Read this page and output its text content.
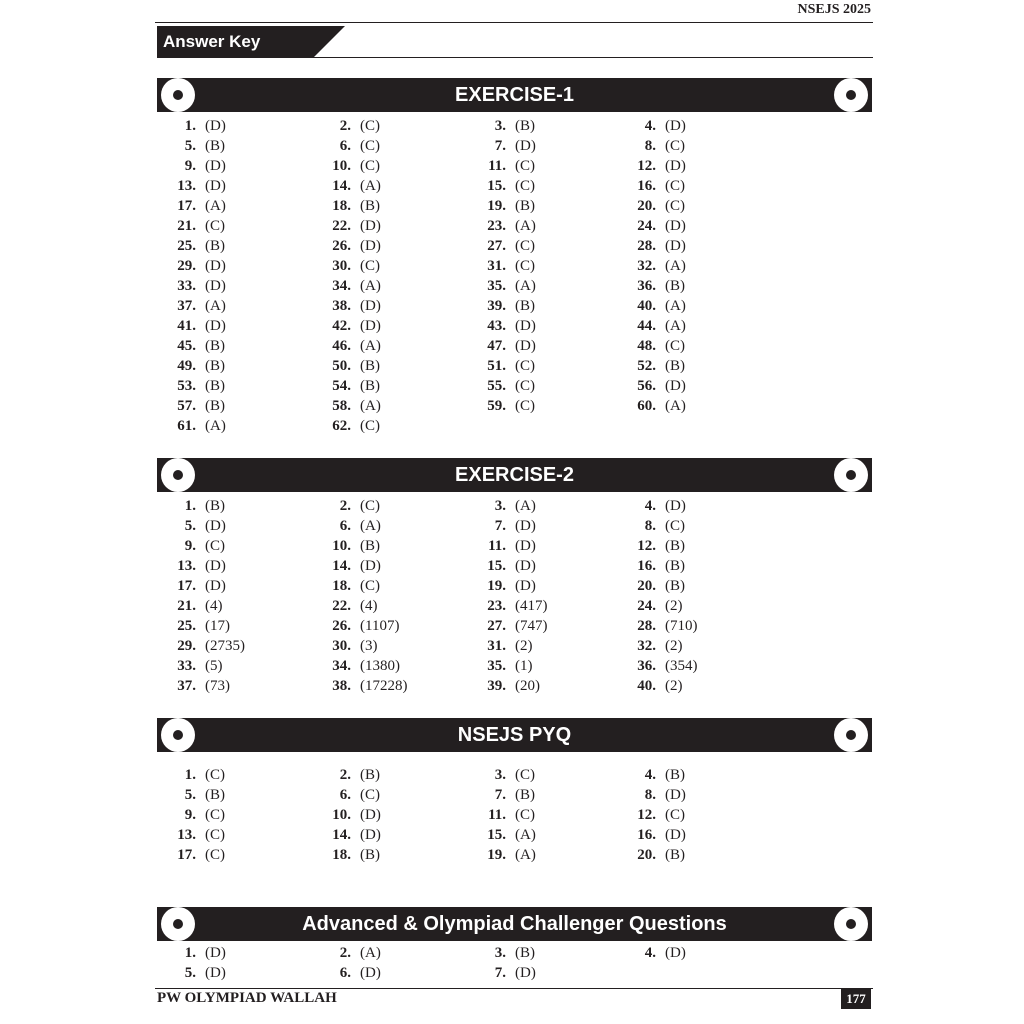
NSEJS 2025
Answer Key
EXERCISE-1
1. (D)	2. (C)	3. (B)	4. (D)
5. (B)	6. (C)	7. (D)	8. (C)
9. (D)	10. (C)	11. (C)	12. (D)
13. (D)	14. (A)	15. (C)	16. (C)
17. (A)	18. (B)	19. (B)	20. (C)
21. (C)	22. (D)	23. (A)	24. (D)
25. (B)	26. (D)	27. (C)	28. (D)
29. (D)	30. (C)	31. (C)	32. (A)
33. (D)	34. (A)	35. (A)	36. (B)
37. (A)	38. (D)	39. (B)	40. (A)
41. (D)	42. (D)	43. (D)	44. (A)
45. (B)	46. (A)	47. (D)	48. (C)
49. (B)	50. (B)	51. (C)	52. (B)
53. (B)	54. (B)	55. (C)	56. (D)
57. (B)	58. (A)	59. (C)	60. (A)
61. (A)	62. (C)
EXERCISE-2
1. (B)	2. (C)	3. (A)	4. (D)
5. (D)	6. (A)	7. (D)	8. (C)
9. (C)	10. (B)	11. (D)	12. (B)
13. (D)	14. (D)	15. (D)	16. (B)
17. (D)	18. (C)	19. (D)	20. (B)
21. (4)	22. (4)	23. (417)	24. (2)
25. (17)	26. (1107)	27. (747)	28. (710)
29. (2735)	30. (3)	31. (2)	32. (2)
33. (5)	34. (1380)	35. (1)	36. (354)
37. (73)	38. (17228)	39. (20)	40. (2)
NSEJS PYQ
1. (C)	2. (B)	3. (C)	4. (B)
5. (B)	6. (C)	7. (B)	8. (D)
9. (C)	10. (D)	11. (C)	12. (C)
13. (C)	14. (D)	15. (A)	16. (D)
17. (C)	18. (B)	19. (A)	20. (B)
Advanced & Olympiad Challenger Questions
1. (D)	2. (A)	3. (B)	4. (D)
5. (D)	6. (D)	7. (D)
PW OLYMPIAD WALLAH	177
